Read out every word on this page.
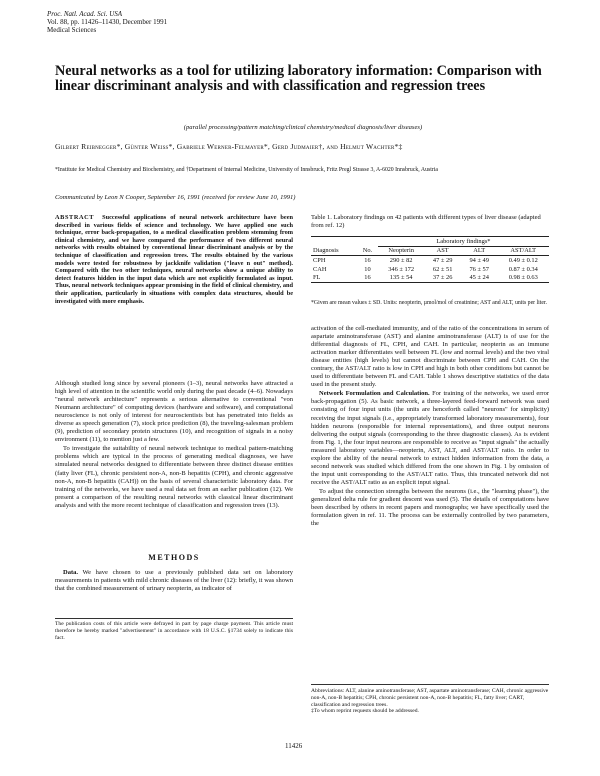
Proc. Natl. Acad. Sci. USA
Vol. 88, pp. 11426–11430, December 1991
Medical Sciences
Neural networks as a tool for utilizing laboratory information: Comparison with linear discriminant analysis and with classification and regression trees
(parallel processing/pattern matching/clinical chemistry/medical diagnosis/liver diseases)
Gilbert Reibnegger*, Günter Weiss*, Gabriele Werner-Felmayer*, Gerd Judmaier†, and Helmut Wachter*‡
*Institute for Medical Chemistry and Biochemistry, and †Department of Internal Medicine, University of Innsbruck, Fritz Pregl Strasse 3, A-6020 Innsbruck, Austria
Communicated by Leon N Cooper, September 16, 1991 (received for review June 10, 1991)
ABSTRACT Successful applications of neural network architecture have been described in various fields of science and technology. We have applied one such technique, error back-propagation, to a medical classification problem stemming from clinical chemistry, and we have compared the performance of two different neural networks with results obtained by conventional linear discriminant analysis or by the technique of classification and regression trees. The results obtained by the various models were tested for robustness by jackknife validation ("leave n out" method). Compared with the two other techniques, neural networks show a unique ability to detect features hidden in the input data which are not explicitly formulated as input. Thus, neural network techniques appear promising in the field of clinical chemistry, and their application, particularly in situations with complex data structures, should be investigated with more emphasis.

Although studied long since by several pioneers (1–3), neural networks have attracted a high level of attention in the scientific world only during the past decade (4–6). Nowadays "neural network architecture" represents a serious alternative to conventional "von Neumann architecture" of computing devices (hardware and software), and computational neuroscience is not only of interest for neuroscientists but has penetrated into fields as diverse as speech generation (7), stock price prediction (8), the traveling-salesman problem (9), prediction of secondary protein structures (10), and recognition of signals in a noisy environment (11), to mention just a few.

To investigate the suitability of neural network technique to medical pattern-matching problems which are typical in the process of generating medical diagnoses, we have simulated neural networks designed to differentiate between three distinct disease entities (fatty liver (FL), chronic persistent non-A, non-B hepatitis (CPH), and chronic aggressive non-A, non-B hepatitis (CAH)) on the basis of several characteristic laboratory data. For training of the networks, we have used a real data set from an earlier publication (12). We present a comparison of the resulting neural networks with classical linear discriminant analysis and with the more recent technique of classification and regression trees (13).

METHODS

Data. We have chosen to use a previously published data set on laboratory measurements in patients with mild chronic diseases of the liver (12): briefly, it was shown that the combined measurement of urinary neopterin, as indicator of

The publication costs of this article were defrayed in part by page charge payment. This article must therefore be hereby marked "advertisement" in accordance with 18 U.S.C. §1734 solely to indicate this fact.
Table 1. Laboratory findings on 42 patients with different types of liver disease (adapted from ref. 12)
		Laboratory findings*			
Diagnosis	No.	Neopterin	AST	ALT	AST/ALT
CPH	16	290 ± 82	47 ± 29	94 ± 49	0.49 ± 0.12
CAH	10	346 ± 172	62 ± 51	76 ± 57	0.87 ± 0.34
FL	16	135 ± 54	37 ± 26	45 ± 24	0.98 ± 0.63
*Given are mean values ± SD. Units: neopterin, µmol/mol of creatinine; AST and ALT, units per liter.

activation of the cell-mediated immunity, and of the ratio of the concentrations in serum of aspartate aminotransferase (AST) and alanine aminotransferase (ALT) is of use for the differential diagnosis of FL, CPH, and CAH. In particular, neopterin as an immune activation marker differentiates well between FL (low and normal levels) and the two viral disease entities (high levels) but cannot discriminate between CPH and CAH. On the contrary, the AST/ALT ratio is low in CPH and high in both other conditions but cannot be used to differentiate between FL and CAH. Table 1 shows descriptive statistics of the data used in the present study.

Network Formulation and Calculation. For training of the networks, we used error back-propagation (5). As basic network, a three-layered feed-forward network was used consisting of four input units (the units are henceforth called "neurons" for simplicity) receiving the input signals (i.e., appropriately transformed laboratory measurements), four hidden neurons (responsible for internal representations), and three output neurons delivering the output signals (corresponding to the three diagnostic classes). As is evident from Fig. 1, the four input neurons are responsible to receive as "input signals" the actually measured laboratory variables—neopterin, AST, ALT, and AST/ALT ratio. In order to explore the ability of the neural network to extract hidden information from the data, a second network was studied which differed from the one shown in Fig. 1 by omission of the input unit corresponding to the AST/ALT ratio. Thus, this truncated network did not receive the AST/ALT ratio as an explicit input signal.

To adjust the connection strengths between the neurons (i.e., the "learning phase"), the generalized delta rule for gradient descent was used (5). The details of computations have been described by others in recent papers and monographs; we have specifically used the formulation given in ref. 11. The process can be externally controlled by two parameters, the

Abbreviations: ALT, alanine aminotransferase; AST, aspartate aminotransferase; CAH, chronic aggressive non-A, non-B hepatitis; CPH, chronic persistent non-A, non-B hepatitis; FL, fatty liver; CART, classification and regression trees.
‡To whom reprint requests should be addressed.
11426
